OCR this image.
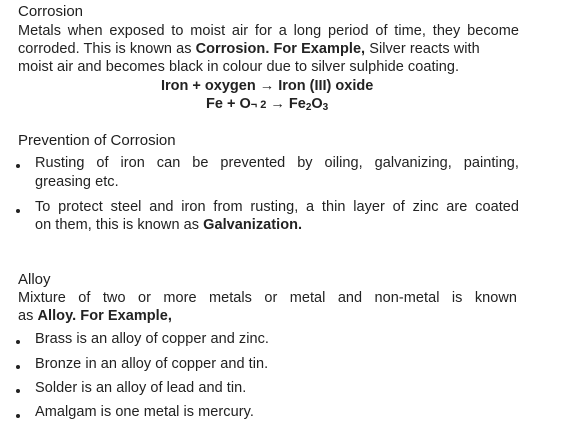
Corrosion
Metals when exposed to moist air for a long period of time, they become
corroded. This is known as Corrosion. For Example, Silver reacts with
moist air and becomes black in colour due to silver sulphide coating.
Iron + oxygen → Iron (III) oxide
Fe + O¬ $2 \to Fe_2O_3$
Prevention of Corrosion
Rusting of iron can be prevented by oiling, galvanizing, painting,
greasing etc.
To protect steel and iron from rusting, a thin layer of zinc are coated
on them, this is known as Galvanization.
Alloy
Mixture of two or more metals or metal and non-metal is known
as Alloy. For Example,
Brass is an alloy of copper and zinc.
Bronze in an alloy of copper and tin.
Solder is an alloy of lead and tin.
Amalgam is one metal is mercury.
